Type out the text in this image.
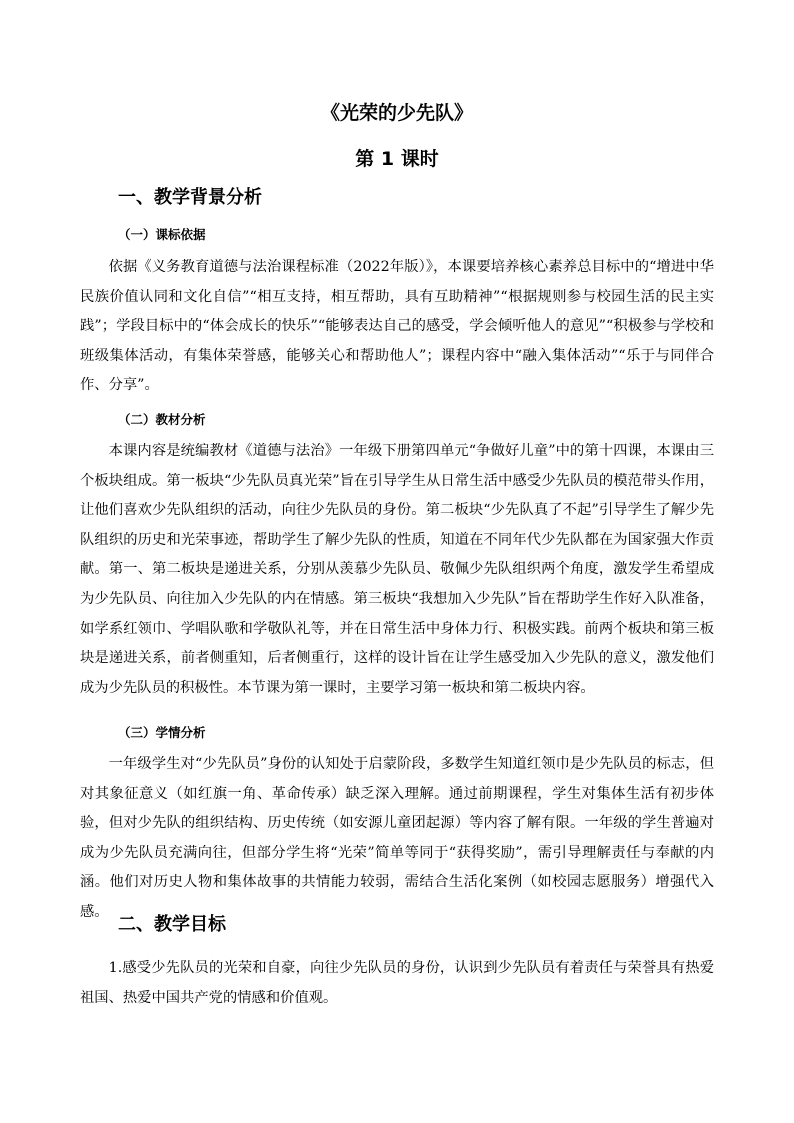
《光荣的少先队》
第 1 课时
一、教学背景分析
（一）课标依据

依据《义务教育道德与法治课程标准（2022年版）》，本课要培养核心素养总目标中的“增进中华民族价值认同和文化自信”“相互支持，相互帮助，具有互助精神”“根据规则参与校园生活的民主实践”；学段目标中的“体会成长的快乐”“能够表达自己的感受，学会倾听他人的意见”“积极参与学校和班级集体活动，有集体荣誉感，能够关心和帮助他人”；课程内容中“融入集体活动”“乐于与同伴合作、分享”。

（二）教材分析

本课内容是统编教材《道德与法治》一年级下册第四单元“争做好儿童”中的第十四课，本课由三个板块组成。第一板块“少先队员真光荣”旨在引导学生从日常生活中感受少先队员的模范带头作用，让他们喜欢少先队组织的活动，向往少先队员的身份。第二板块“少先队真了不起”引导学生了解少先队组织的历史和光荣事迹，帮助学生了解少先队的性质，知道在不同年代少先队都在为国家强大作贡献。第一、第二板块是递进关系，分别从羡慕少先队员、敬佩少先队组织两个角度，激发学生希望成为少先队员、向往加入少先队的内在情感。第三板块“我想加入少先队”旨在帮助学生作好入队准备，如学系红领巾、学唱队歌和学敬队礼等，并在日常生活中身体力行、积极实践。前两个板块和第三板块是递进关系，前者侧重知，后者侧重行，这样的设计旨在让学生感受加入少先队的意义，激发他们成为少先队员的积极性。本节课为第一课时，主要学习第一板块和第二板块内容。

（三）学情分析

一年级学生对“少先队员”身份的认知处于启蒙阶段，多数学生知道红领巾是少先队员的标志，但对其象征意义（如红旗一角、革命传承）缺乏深入理解。通过前期课程，学生对集体生活有初步体验，但对少先队的组织结构、历史传统（如安源儿童团起源）等内容了解有限。一年级的学生普遍对成为少先队员充满向往，但部分学生将“光荣”简单等同于“获得奖励”，需引导理解责任与奉献的内涵。他们对历史人物和集体故事的共情能力较弱，需结合生活化案例（如校园志愿服务）增强代入感。

二、教学目标

1.感受少先队员的光荣和自豪，向往少先队员的身份，认识到少先队员有着责任与荣誉具有热爱祖国、热爱中国共产党的情感和价值观。
